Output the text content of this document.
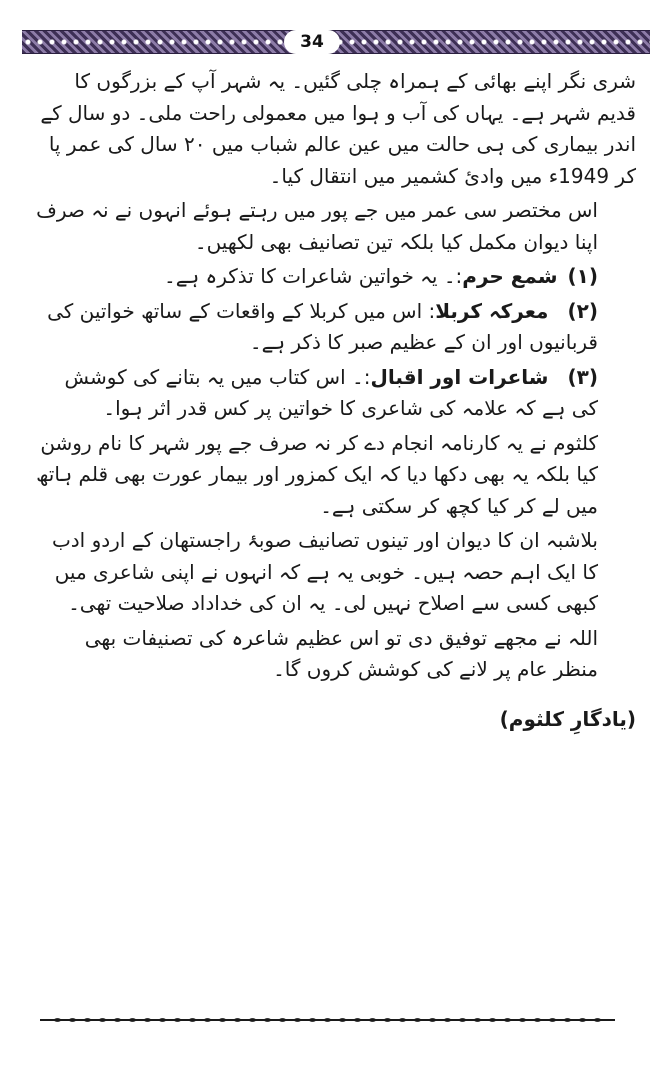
34

شری نگر اپنے بھائی کے ہمراہ چلی گئیں۔ یہ شہر آپ کے بزرگوں کا قدیم شہر ہے۔ یہاں کی آب و ہوا میں معمولی راحت ملی۔ دو سال کے اندر بیماری کی ہی حالت میں عین عالم شباب میں ۲۰ سال کی عمر پا کر 1949ء میں وادیٔ کشمیر میں انتقال کیا۔

اس مختصر سی عمر میں جے پور میں رہتے ہوئے انہوں نے نہ صرف اپنا دیوان مکمل کیا بلکہ تین تصانیف بھی لکھیں۔

(۱)
شمع حرم:۔ یہ خواتین شاعرات کا تذکرہ ہے۔
(۲)   معرکہ کربلا: اس میں کربلا کے واقعات کے ساتھ خواتین کی قربانیوں اور ان کے عظیم صبر کا ذکر ہے۔
(۳)   شاعرات اور اقبال:۔ اس کتاب میں یہ بتانے کی کوشش کی ہے کہ علامہ کی شاعری کا خواتین پر کس قدر اثر ہوا۔

کلثوم نے یہ کارنامہ انجام دے کر نہ صرف جے پور شہر کا نام روشن کیا بلکہ یہ بھی دکھا دیا کہ ایک کمزور اور بیمار عورت بھی قلم ہاتھ میں لے کر کیا کچھ کر سکتی ہے۔

بلاشبہ ان کا دیوان اور تینوں تصانیف صوبۂ راجستھان کے اردو ادب کا ایک اہم حصہ ہیں۔ خوبی یہ ہے کہ انہوں نے اپنی شاعری میں کبھی کسی سے اصلاح نہیں لی۔ یہ ان کی خداداد صلاحیت تھی۔

اللہ نے مجھے توفیق دی تو اس عظیم شاعرہ کی تصنیفات بھی منظر عام پر لانے کی کوشش کروں گا۔

(یادگارِ کلثوم)
